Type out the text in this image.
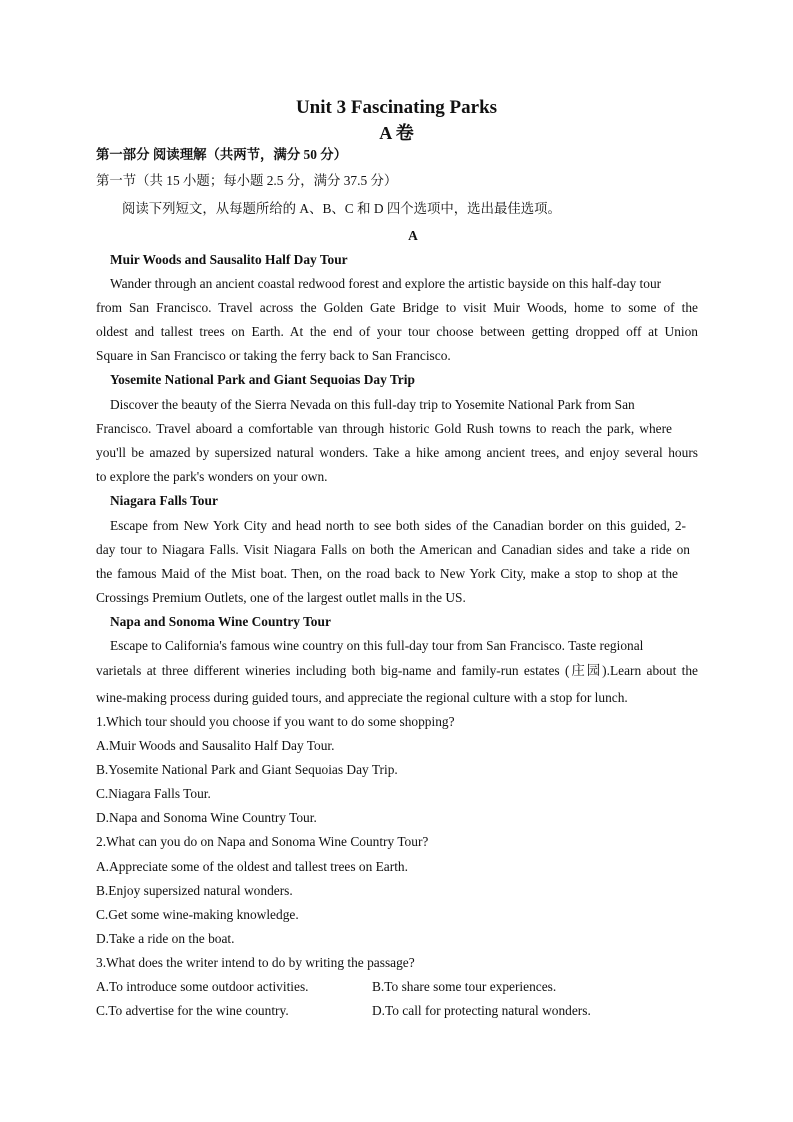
Unit 3 Fascinating Parks
A 卷
第一部分 阅读理解（共两节，满分 50 分）
第一节（共 15 小题；每小题 2.5 分，满分 37.5 分）
阅读下列短文，从每题所给的 A、B、C 和 D 四个选项中，选出最佳选项。
A
Muir Woods and Sausalito Half Day Tour
Wander through an ancient coastal redwood forest and explore the artistic bayside on this half-day tour
from San Francisco. Travel across the Golden Gate Bridge to visit Muir Woods, home to some of the
oldest and tallest trees on Earth. At the end of your tour choose between getting dropped off at Union
Square in San Francisco or taking the ferry back to San Francisco.
Yosemite National Park and Giant Sequoias Day Trip
Discover the beauty of the Sierra Nevada on this full-day trip to Yosemite National Park from San
Francisco. Travel aboard a comfortable van through historic Gold Rush towns to reach the park, where
you'll be amazed by supersized natural wonders. Take a hike among ancient trees, and enjoy several hours
to explore the park's wonders on your own.
Niagara Falls Tour
Escape from New York City and head north to see both sides of the Canadian border on this guided, 2-
day tour to Niagara Falls. Visit Niagara Falls on both the American and Canadian sides and take a ride on
the famous Maid of the Mist boat. Then, on the road back to New York City, make a stop to shop at the
Crossings Premium Outlets, one of the largest outlet malls in the US.
Napa and Sonoma Wine Country Tour
Escape to California's famous wine country on this full-day tour from San Francisco. Taste regional
varietals at three different wineries including both big-name and family-run estates (庄园).Learn about the
wine-making process during guided tours, and appreciate the regional culture with a stop for lunch.
1.Which tour should you choose if you want to do some shopping?
A.Muir Woods and Sausalito Half Day Tour.
B.Yosemite National Park and Giant Sequoias Day Trip.
C.Niagara Falls Tour.
D.Napa and Sonoma Wine Country Tour.
2.What can you do on Napa and Sonoma Wine Country Tour?
A.Appreciate some of the oldest and tallest trees on Earth.
B.Enjoy supersized natural wonders.
C.Get some wine-making knowledge.
D.Take a ride on the boat.
3.What does the writer intend to do by writing the passage?
A.To introduce some outdoor activities.	B.To share some tour experiences.
C.To advertise for the wine country.	D.To call for protecting natural wonders.
